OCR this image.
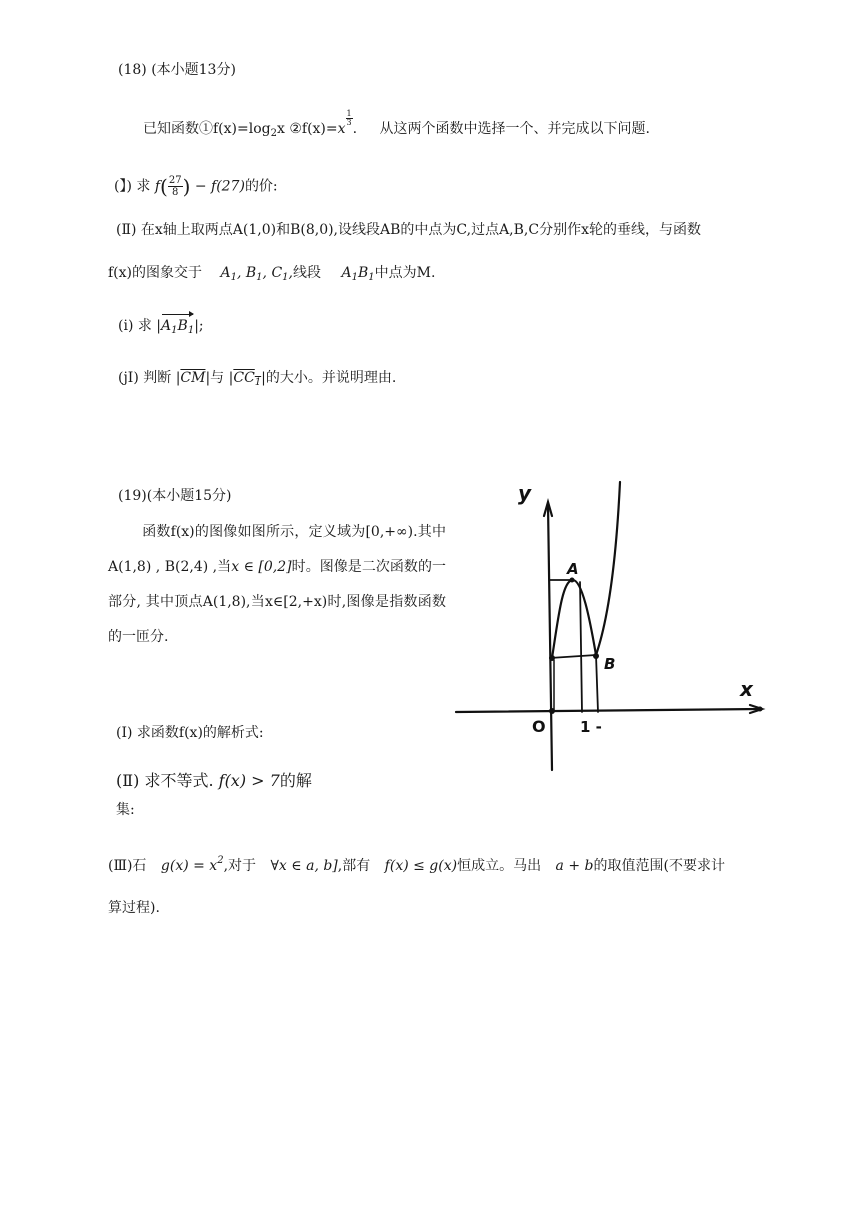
(18) (本小题13分)
已知函数$①f(x)=\log_2x$ ②f(x)=x
$\frac{1}{3}$
. 从这两个函数中选择一个、并完成以下问题.
(】) 求 $f( \frac{27}{8}$ ) − f(27)的价:
(Ⅱ) 在x轴上取两点A(1,0)和B(8,0),设线段AB的中点为C,过点A,B,C分别作x轮的垂线，与函数
f(x)的图象交于 $A_1$, $B_1$, $C_1$,线段 $A_1B_1$中点为M.
(i) 求 $|A_1B_1|$;
(jI) 判断 $|\overline{CM}|$与 $|CC_1|$的大小。并说明理由.
(19)(本小题15分)
函数f(x)的图像如图所示，定义域为[0,+∞).其中A(1,8) , B(2,4) ,当x ∈ [0,2]时。图像是二次函数的一部分, 其中顶点A(1,8),当x∈[2,+x)时,图像是指数函数的一匝分.
(Ⅰ) 求函数f(x)的解析式:
(Ⅱ) 求不等式. f(x) > 7的解
集:
(Ⅲ)石 $g(x) = x^2$,对于 ∀x ∈ a, b],部有 f(x) ≤ g(x)恒成立。马出 a + b的取值范围(不要求计
算过程).
y
x
A
B
O 1 -
